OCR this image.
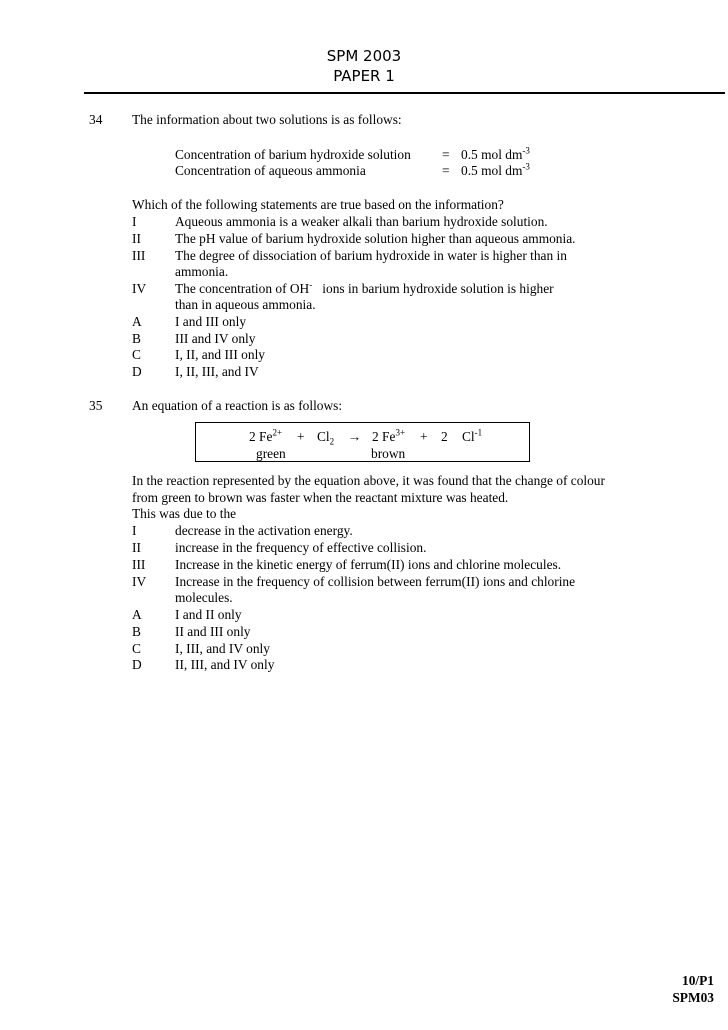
SPM 2003
PAPER 1
34 The information about two solutions is as follows:
Concentration of barium hydroxide solution = 0.5 mol $dm^{-3}$
Concentration of aqueous ammonia	= 0.5 mol $dm^{-3}$
Which of the following statements are true based on the information?
I	Aqueous ammonia is a weaker alkali than barium hydroxide solution.
II	The pH value of barium hydroxide solution higher than aqueous ammonia.
III The degree of dissociation of barium hydroxide in water is higher than in
ammonia.
IV The concentration of OH- ions in barium hydroxide solution is higher
than in aqueous ammonia.
A I and III only
B	III and IV only
C	I, II, and III only
D I, II, III, and IV
35 An equation of a reaction is as follows:
2 $Fe^{2+} + Cl_2 \to 2$ $Fe^{3+} + 2$ $Cl^{-1}$
green	brown
In the reaction represented by the equation above, it was found that the change of colour
from green to brown was faster when the reactant mixture was heated.
This was due to the
I	decrease in the activation energy.
II	increase in the frequency of effective collision.
III Increase in the kinetic energy of ferrum(II) ions and chlorine molecules.
IV Increase in the frequency of collision between ferrum(II) ions and chlorine
molecules.
A I and II only
B	II and III only
C	I, III, and IV only
D II, III, and IV only
10/P1
SPM03
